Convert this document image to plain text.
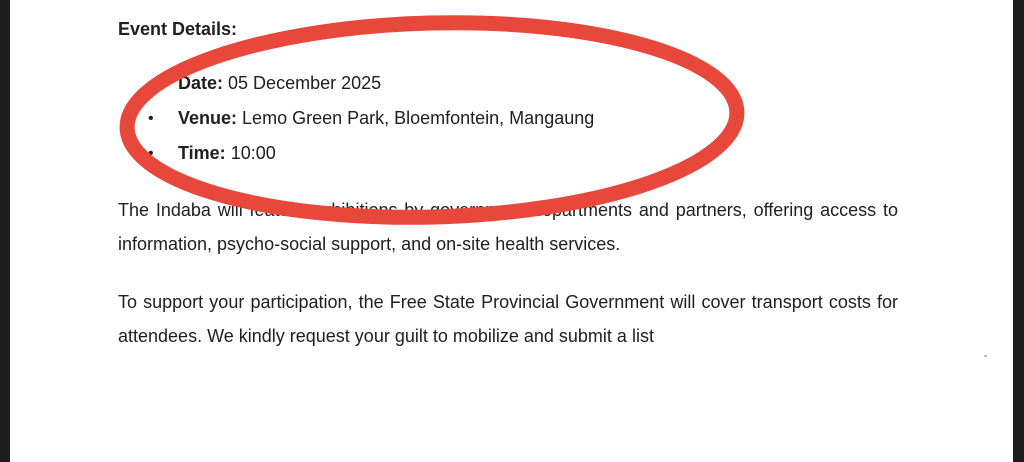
Event Details:

• Date: 05 December 2025
• Venue: Lemo Green Park, Bloemfontein, Mangaung
• Time: 10:00

The Indaba will feature exhibitions by government departments and partners, offering access to information, psycho-social support, and on-site health services.

To support your participation, the Free State Provincial Government will cover transport costs for attendees. We kindly request your guilt to mobilize and submit a list
